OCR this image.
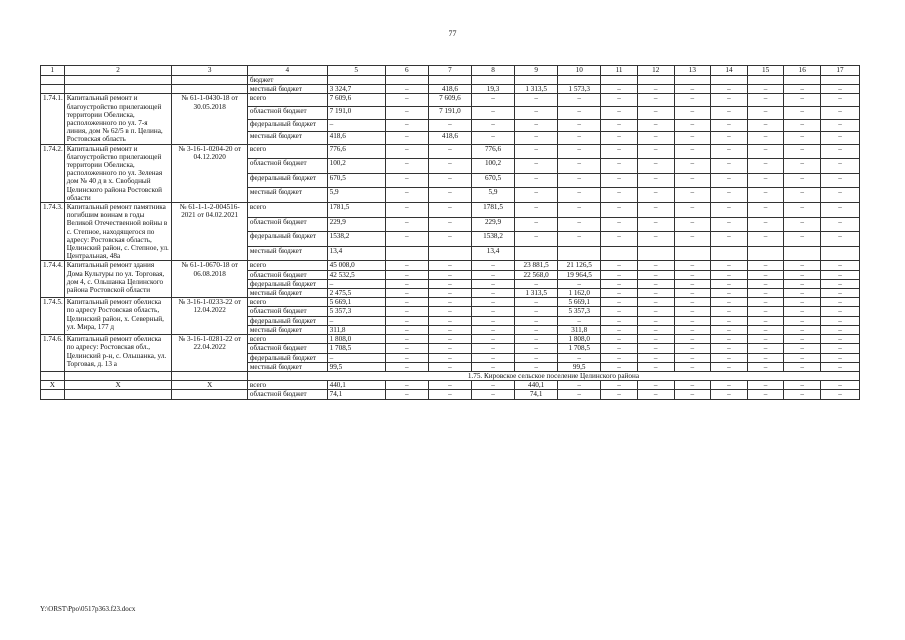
77
1	2	3	4	5	6	7	8	9	10	11	12	13	14	15	16	17
			бюджет													
			местный бюджет	3 324,7	–	418,6	19,3	1 313,5	1 573,3	–	–	–	–	–	–	–
1.74.1.	Капитальный ремонт и благоустройство прилегающей территории Обелиска, расположенного по ул. 7-я линия, дом № 62/5 в п. Целина, Ростовская область	№ 61-1-0430-18 от 30.05.2018	всего	7 609,6	–	7 609,6	–	–	–	–	–	–	–	–	–	–
			областной бюджет	7 191,0	–	7 191,0	–	–	–	–	–	–	–	–	–	–
			федеральный бюджет	–	–	–	–	–	–	–	–	–	–	–	–	–
			местный бюджет	418,6	–	418,6	–	–	–	–	–	–	–	–	–	–
1.74.2.	Капитальный ремонт и благоустройство прилегающей территории Обелиска, расположенного по ул. Зеленая дом № 40 д в х. Свободный Целинского района Ростовской области	№ 3-16-1-0204-20 от 04.12.2020	всего	776,6	–	–	776,6	–	–	–	–	–	–	–	–	–
			областной бюджет	100,2	–	–	100,2	–	–	–	–	–	–	–	–	–
			федеральный бюджет	670,5	–	–	670,5	–	–	–	–	–	–	–	–	–
			местный бюджет	5,9	–	–	5,9	–	–	–	–	–	–	–	–	–
1.74.3.	Капитальный ремонт памятника погибшим воинам в годы Великой Отечественной войны в с. Степное, находящегося по адресу: Ростовская область, Целинский район, с. Степное, ул. Центральная, 48а	№ 61-1-1-2-004516-2021 от 04.02.2021	всего	1781,5	–	–	1781,5	–	–	–	–	–	–	–	–	–
			областной бюджет	229,9	–	–	229,9	–	–	–	–	–	–	–	–	–
			федеральный бюджет	1538,2	–	–	1538,2	–	–	–	–	–	–	–	–	–
			местный бюджет	13,4			13,4									
1.74.4.	Капитальный ремонт здания Дома Культуры по ул. Торговая, дом 4, с. Ольшанка Целинского района Ростовской области	№ 61-1-0670-18 от 06.08.2018	всего	45 008,0	–	–	–	23 881,5	21 126,5	–	–	–	–	–	–	–
			областной бюджет	42 532,5	–	–	–	22 568,0	19 964,5	–	–	–	–	–	–	–
			федеральный бюджет	–	–	–	–	–	–	–	–	–	–	–	–	–
			местный бюджет	2 475,5	–	–	–	1 313,5	1 162,0	–	–	–	–	–	–	–
1.74.5.	Капитальный ремонт обелиска по адресу Ростовская область, Целинский район, х. Северный, ул. Мира, 177 д	№ 3-16-1-0233-22 от 12.04.2022	всего	5 669,1	–	–	–	–	5 669,1	–	–	–	–	–	–	–
			областной бюджет	5 357,3	–	–	–	–	5 357,3	–	–	–	–	–	–	–
			федеральный бюджет	–	–	–	–	–	–	–	–	–	–	–	–	–
			местный бюджет	311,8	–	–	–	–	311,8	–	–	–	–	–	–	–
1.74.6.	Капитальный ремонт обелиска по адресу: Ростовская обл., Целинский р-н, с. Ольшанка, ул. Торговая, д. 13 а	№ 3-16-1-0281-22 от 22.04.2022	всего	1 808,0	–	–	–	–	1 808,0	–	–	–	–	–	–	–
			областной бюджет	1 708,5	–	–	–	–	1 708,5	–	–	–	–	–	–	–
			федеральный бюджет	–	–	–	–	–	–	–	–	–	–	–	–	–
			местный бюджет	99,5	–	–	–	–	99,5	–	–	–	–	–	–	–
			1.75. Кировское сельское поселение Целинского района													
X	X	X	всего	440,1	–	–	–	440,1	–	–	–	–	–	–	–	–
			областной бюджет	74,1	–	–	–	74,1	–	–	–	–	–	–	–	–
Y:\ORST\Ppo\0517p363.f23.docx
